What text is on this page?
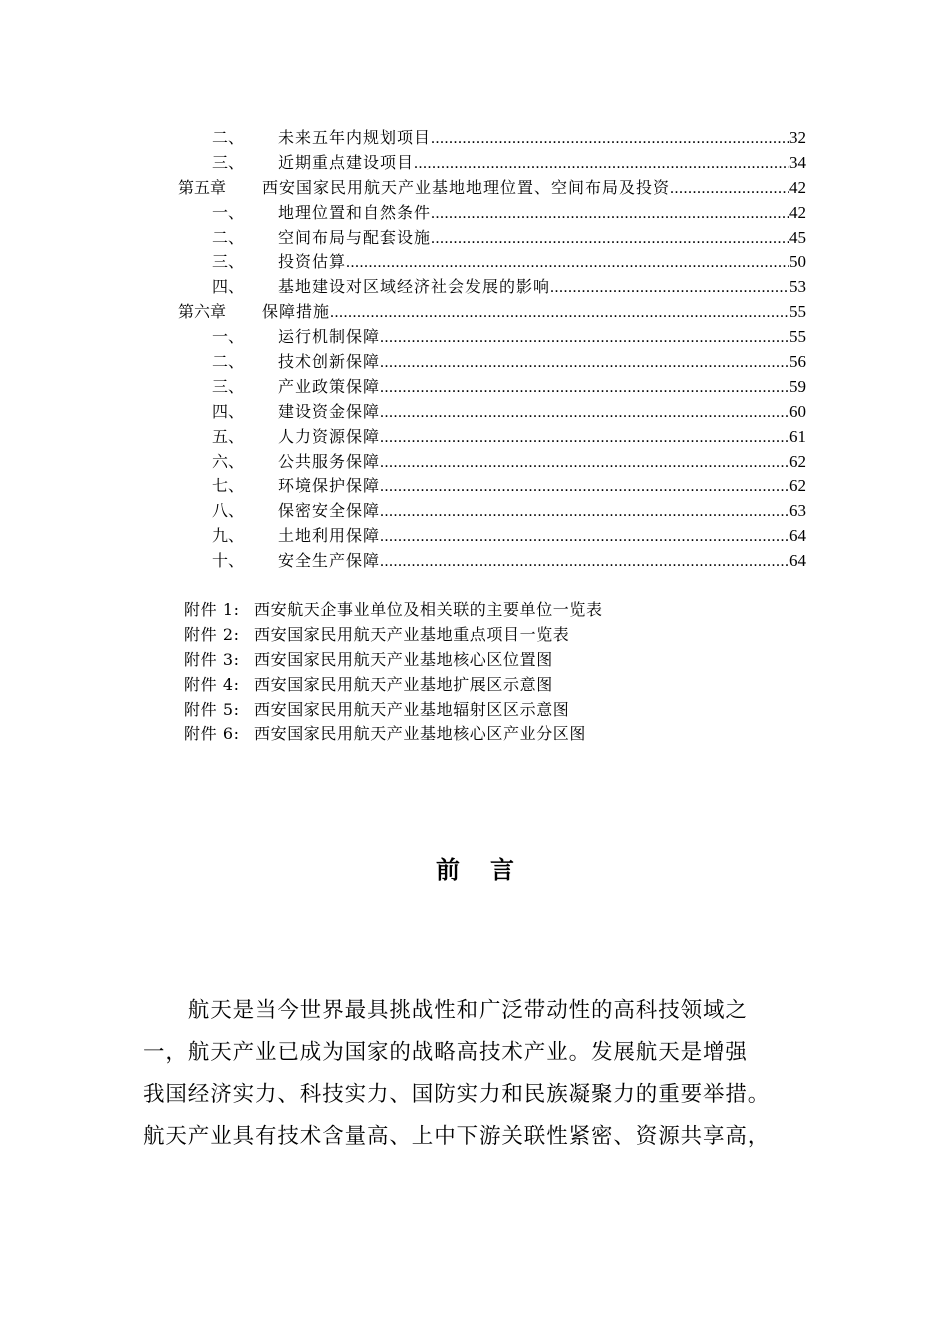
二、	未来五年内规划项目 .....	32
三、	近期重点建设项目 .....	34
第五章	西安国家民用航天产业基地地理位置、空间布局及投资 .....	42
一、	地理位置和自然条件 .....	42
二、	空间布局与配套设施 .....	45
三、	投资估算 .....	50
四、	基地建设对区域经济社会发展的影响 .....	53
第六章	保障措施 .....	55
一、	运行机制保障 .....	55
二、	技术创新保障 .....	56
三、	产业政策保障 .....	59
四、	建设资金保障 .....	60
五、	人力资源保障 .....	61
六、	公共服务保障 .....	62
七、	环境保护保障 .....	62
八、	保密安全保障 .....	63
九、	土地利用保障 .....	64
十、	安全生产保障 .....	64
附件 1: 西安航天企事业单位及相关联的主要单位一览表
附件 2: 西安国家民用航天产业基地重点项目一览表
附件 3: 西安国家民用航天产业基地核心区位置图
附件 4: 西安国家民用航天产业基地扩展区示意图
附件 5: 西安国家民用航天产业基地辐射区区示意图
附件 6: 西安国家民用航天产业基地核心区产业分区图
前言
　　航天是当今世界最具挑战性和广泛带动性的高科技领域之
一，航天产业已成为国家的战略高技术产业。发展航天是增强
我国经济实力、科技实力、国防实力和民族凝聚力的重要举措。
航天产业具有技术含量高、上中下游关联性紧密、资源共享高，
